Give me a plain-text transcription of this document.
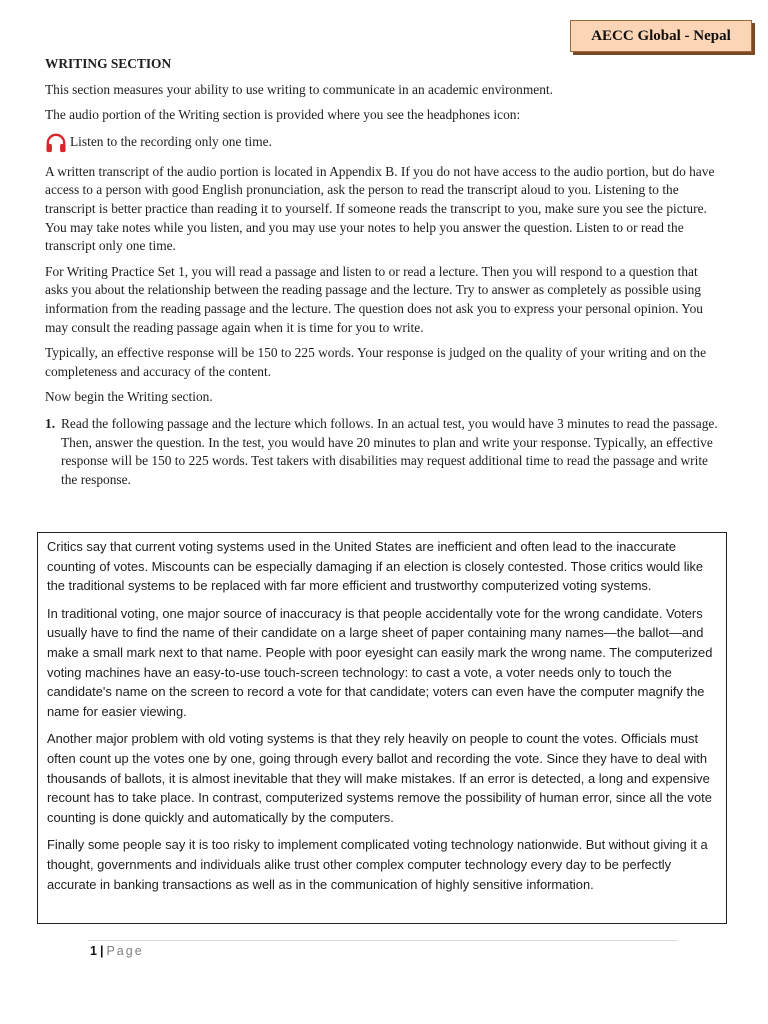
AECC Global - Nepal

WRITING SECTION

This section measures your ability to use writing to communicate in an academic environment.

The audio portion of the Writing section is provided where you see the headphones icon:

Listen to the recording only one time.

A written transcript of the audio portion is located in Appendix B. If you do not have access to the audio portion, but do have access to a person with good English pronunciation, ask the person to read the transcript aloud to you. Listening to the transcript is better practice than reading it to yourself. If someone reads the transcript to you, make sure you see the picture. You may take notes while you listen, and you may use your notes to help you answer the question. Listen to or read the transcript only one time.

For Writing Practice Set 1, you will read a passage and listen to or read a lecture. Then you will respond to a question that asks you about the relationship between the reading passage and the lecture. Try to answer as completely as possible using information from the reading passage and the lecture. The question does not ask you to express your personal opinion. You may consult the reading passage again when it is time for you to write.

Typically, an effective response will be 150 to 225 words. Your response is judged on the quality of your writing and on the completeness and accuracy of the content.

Now begin the Writing section.

1. Read the following passage and the lecture which follows. In an actual test, you would have 3 minutes to read the passage. Then, answer the question. In the test, you would have 20 minutes to plan and write your response. Typically, an effective response will be 150 to 225 words. Test takers with disabilities may request additional time to read the passage and write the response.

Critics say that current voting systems used in the United States are inefficient and often lead to the inaccurate counting of votes. Miscounts can be especially damaging if an election is closely contested. Those critics would like the traditional systems to be replaced with far more efficient and trustworthy computerized voting systems.

In traditional voting, one major source of inaccuracy is that people accidentally vote for the wrong candidate. Voters usually have to find the name of their candidate on a large sheet of paper containing many names—the ballot—and make a small mark next to that name. People with poor eyesight can easily mark the wrong name. The computerized voting machines have an easy-to-use touch-screen technology: to cast a vote, a voter needs only to touch the candidate's name on the screen to record a vote for that candidate; voters can even have the computer magnify the name for easier viewing.

Another major problem with old voting systems is that they rely heavily on people to count the votes. Officials must often count up the votes one by one, going through every ballot and recording the vote. Since they have to deal with thousands of ballots, it is almost inevitable that they will make mistakes. If an error is detected, a long and expensive recount has to take place. In contrast, computerized systems remove the possibility of human error, since all the vote counting is done quickly and automatically by the computers.

Finally some people say it is too risky to implement complicated voting technology nationwide. But without giving it a thought, governments and individuals alike trust other complex computer technology every day to be perfectly accurate in banking transactions as well as in the communication of highly sensitive information.

1 | Page
